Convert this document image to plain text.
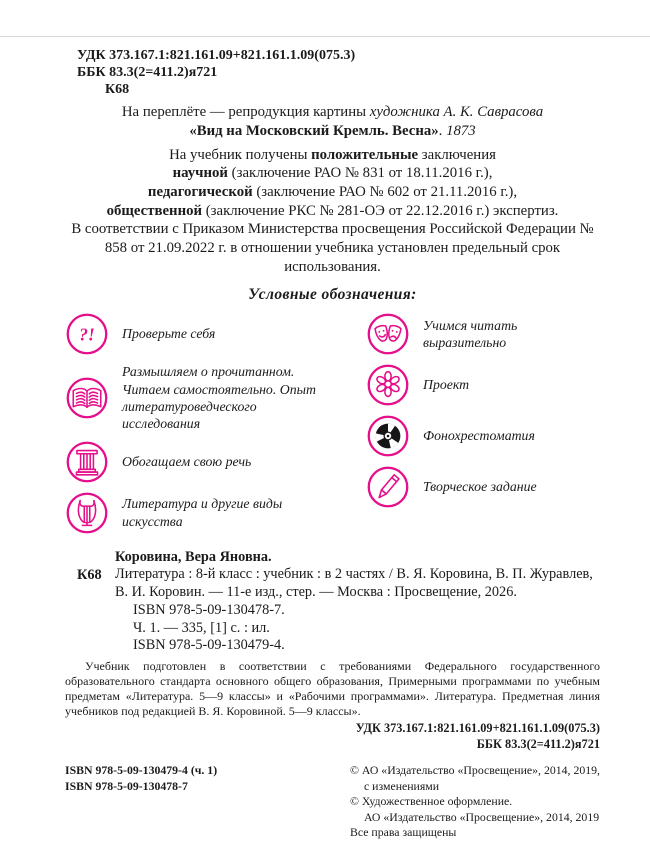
УДК 373.167.1:821.161.09+821.161.1.09(075.3)
ББК 83.3(2=411.2)я721
К68

На переплёте — репродукция картины художника А. К. Саврасова «Вид на Московский Кремль. Весна». 1873

На учебник получены положительные заключения
научной (заключение РАО № 831 от 18.11.2016 г.),
педагогической (заключение РАО № 602 от 21.11.2016 г.),
общественной (заключение РКС № 281-ОЭ от 22.12.2016 г.) экспертиз.
В соответствии с Приказом Министерства просвещения Российской Федерации № 858 от 21.09.2022 г. в отношении учебника установлен предельный срок использования.
Условные обозначения:
?! Проверьте себя
Размышляем о прочитанном. Читаем самостоятельно. Опыт литературоведческого исследования
Обогащаем свою речь
Литература и другие виды искусства
Учимся читать выразительно
Проект
Фонохрестоматия
Творческое задание
К68

Коровина, Вера Яновна.

Литература : 8-й класс : учебник : в 2 частях / В. Я. Коровина, В. П. Журавлев, В. И. Коровин. — 11-е изд., стер. — Москва : Просвещение, 2026.

ISBN 978-5-09-130478-7.
Ч. 1. — 335, [1] с. : ил.
ISBN 978-5-09-130479-4.

Учебник подготовлен в соответствии с требованиями Федерального государственного образовательного стандарта основного общего образования, Примерными программами по учебным предметам «Литература. 5—9 классы» и «Рабочими программами». Литература. Предметная линия учебников под редакцией В. Я. Коровиной. 5—9 классы».

УДК 373.167.1:821.161.09+821.161.1.09(075.3)
ББК 83.3(2=411.2)я721
ISBN 978-5-09-130479-4 (ч. 1)
ISBN 978-5-09-130478-7
© АО «Издательство «Просвещение», 2014, 2019,
с изменениями
© Художественное оформление.
АО «Издательство «Просвещение», 2014, 2019
Все права защищены
